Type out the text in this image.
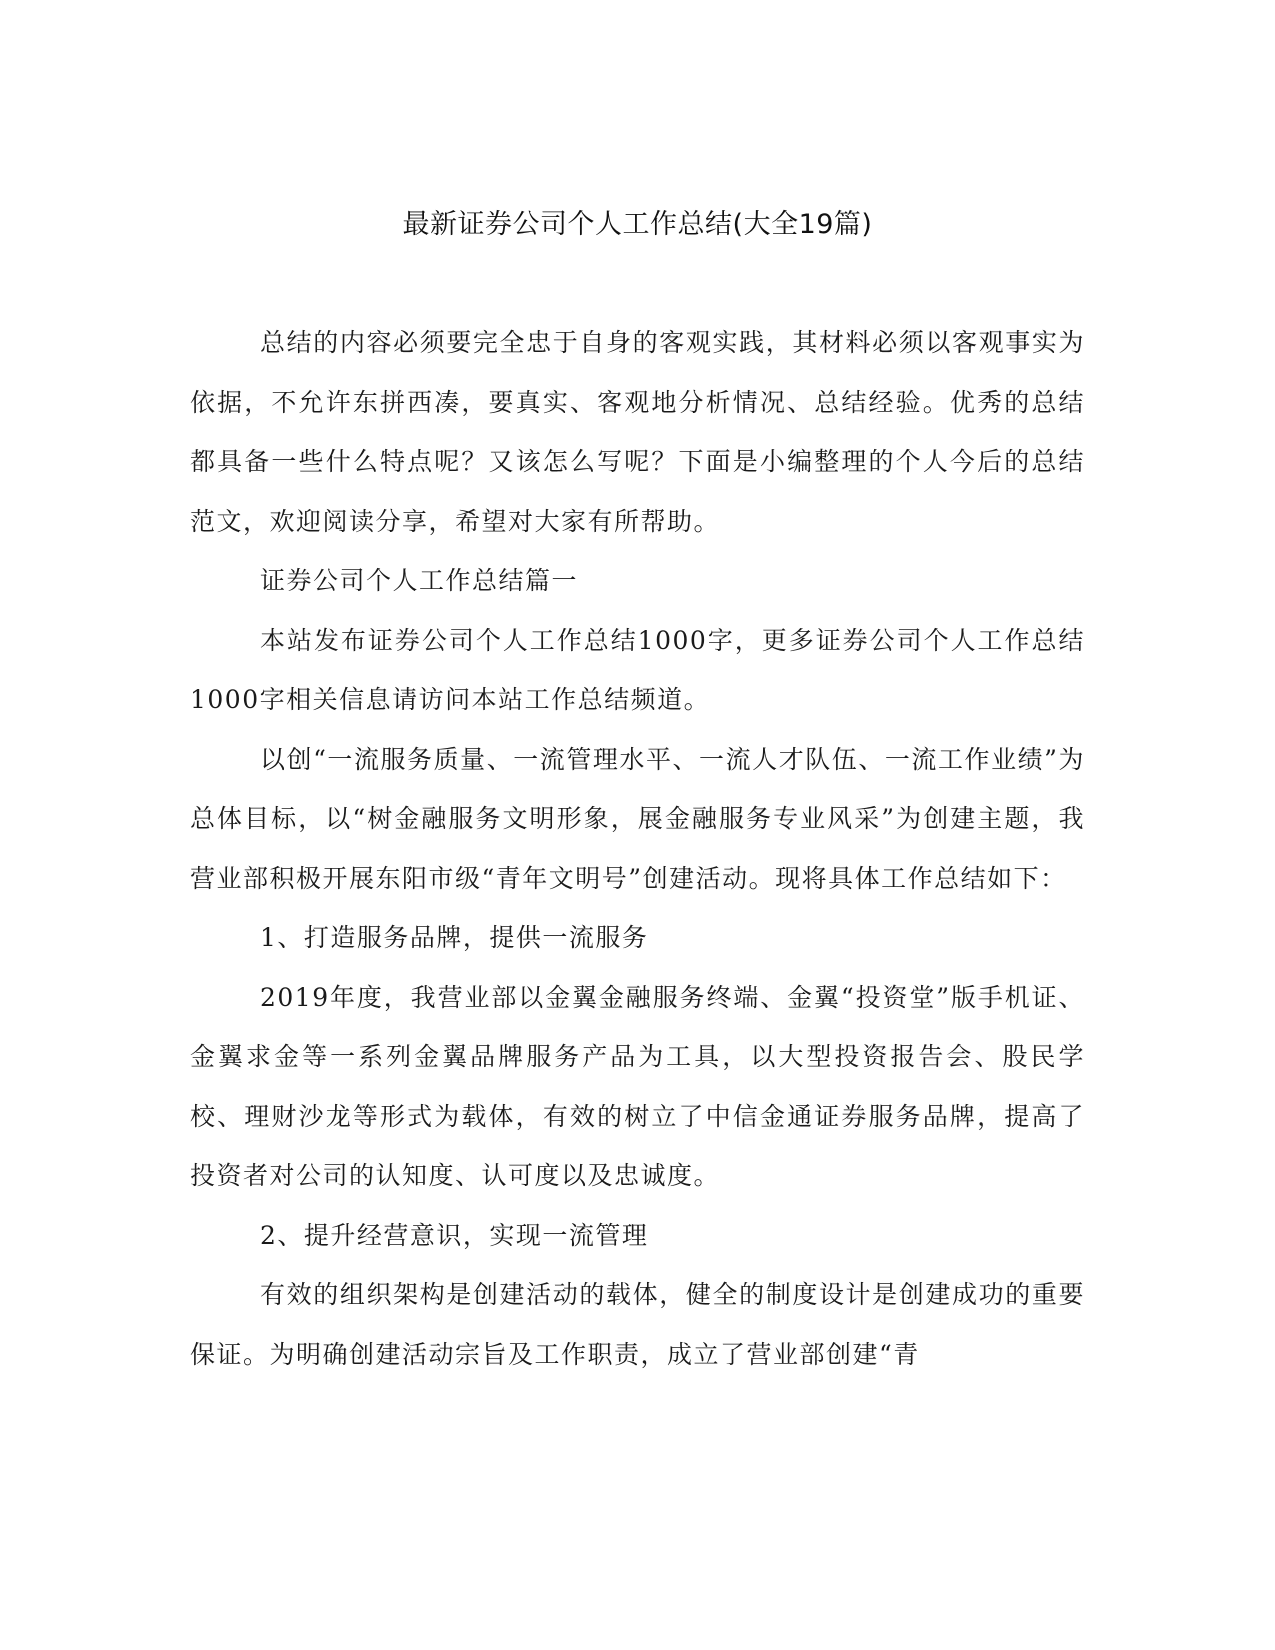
最新证券公司个人工作总结(大全19篇)

总结的内容必须要完全忠于自身的客观实践，其材料必须以客观事实为依据，不允许东拼西凑，要真实、客观地分析情况、总结经验。优秀的总结都具备一些什么特点呢？又该怎么写呢？下面是小编整理的个人今后的总结范文，欢迎阅读分享，希望对大家有所帮助。

证券公司个人工作总结篇一

本站发布证券公司个人工作总结1000字，更多证券公司个人工作总结1000字相关信息请访问本站工作总结频道。

以创“一流服务质量、一流管理水平、一流人才队伍、一流工作业绩”为总体目标，以“树金融服务文明形象，展金融服务专业风采”为创建主题，我营业部积极开展东阳市级“青年文明号”创建活动。现将具体工作总结如下：

1、打造服务品牌，提供一流服务

2019年度，我营业部以金翼金融服务终端、金翼“投资堂”版手机证、金翼求金等一系列金翼品牌服务产品为工具，以大型投资报告会、股民学校、理财沙龙等形式为载体，有效的树立了中信金通证券服务品牌，提高了投资者对公司的认知度、认可度以及忠诚度。

2、提升经营意识，实现一流管理

有效的组织架构是创建活动的载体，健全的制度设计是创建成功的重要保证。为明确创建活动宗旨及工作职责，成立了营业部创建“青
